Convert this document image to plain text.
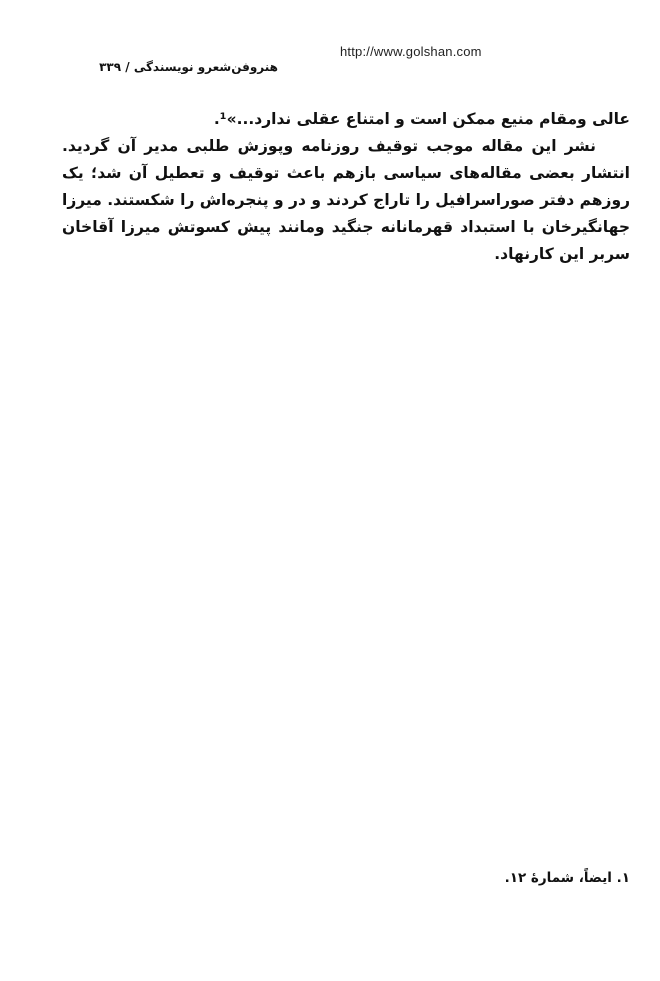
http://www.golshan.com
هنروفن‌شعرو نویسندگی / ۳۳۹

عالی ومقام منیع ممکن است و امتناع عقلی ندارد...»¹.

نشر این مقاله موجب توقیف روزنامه وپوزش طلبی مدیر آن گردید. انتشار بعضی مقاله‌های سیاسی بازهم باعث توقیف و تعطیل آن شد؛ یک روزهم دفتر صوراسرافیل را تاراج کردند و در و پنجره‌اش را شکستند. میرزا جهانگیرخان با استبداد قهرمانانه جنگید ومانند پیش کسوتش میرزا آقاخان سربر این کارنهاد.

۱. ایضاً، شمارهٔ ۱۲.
